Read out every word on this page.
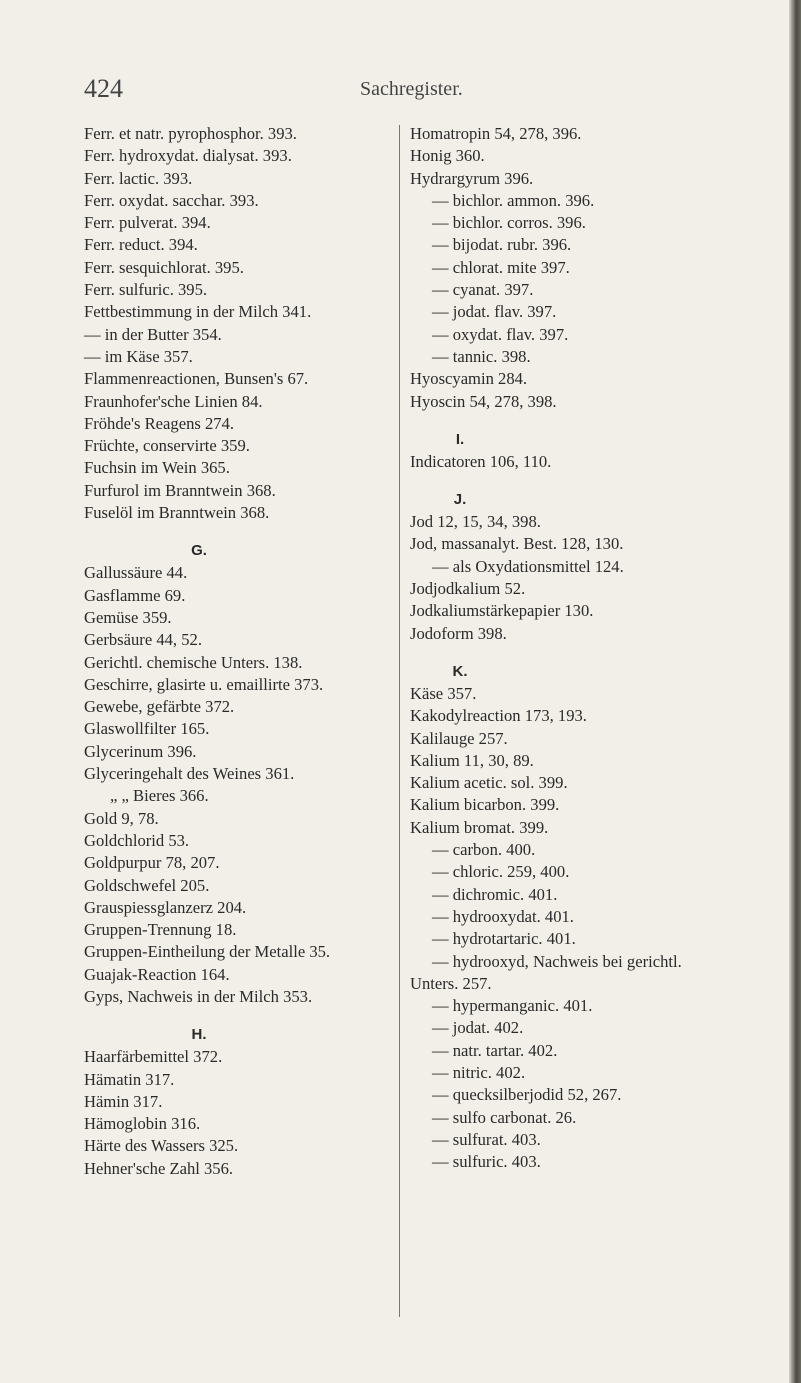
424	Sachregister.
Ferr. et natr. pyrophosphor. 393.
Ferr. hydroxydat. dialysat. 393.
Ferr. lactic. 393.
Ferr. oxydat. sacchar. 393.
Ferr. pulverat. 394.
Ferr. reduct. 394.
Ferr. sesquichlorat. 395.
Ferr. sulfuric. 395.
Fettbestimmung in der Milch 341.
— in der Butter 354.
— im Käse 357.
Flammenreactionen, Bunsen's 67.
Fraunhofer'sche Linien 84.
Fröhde's Reagens 274.
Früchte, conservirte 359.
Fuchsin im Wein 365.
Furfurol im Branntwein 368.
Fuselöl im Branntwein 368.
G.
Gallussäure 44.
Gasflamme 69.
Gemüse 359.
Gerbsäure 44, 52.
Gerichtl. chemische Unters. 138.
Geschirre, glasirte u. emaillirte 373.
Gewebe, gefärbte 372.
Glaswollfilter 165.
Glycerinum 396.
Glyceringehalt des Weines 361.
„ „ Bieres 366.
Gold 9, 78.
Goldchlorid 53.
Goldpurpur 78, 207.
Goldschwefel 205.
Grauspiessglanzerz 204.
Gruppen-Trennung 18.
Gruppen-Eintheilung der Metalle 35.
Guajak-Reaction 164.
Gyps, Nachweis in der Milch 353.
H.
Haarfärbemittel 372.
Hämatin 317.
Hämin 317.
Hämoglobin 316.
Härte des Wassers 325.
Hehner'sche Zahl 356.
Homatropin 54, 278, 396.
Honig 360.
Hydrargyrum 396.
— bichlor. ammon. 396.
— bichlor. corros. 396.
— bijodat. rubr. 396.
— chlorat. mite 397.
— cyanat. 397.
— jodat. flav. 397.
— oxydat. flav. 397.
— tannic. 398.
Hyoscyamin 284.
Hyoscin 54, 278, 398.
I.
Indicatoren 106, 110.
J.
Jod 12, 15, 34, 398.
Jod, massanalyt. Best. 128, 130.
— als Oxydationsmittel 124.
Jodjodkalium 52.
Jodkaliumstärkepapier 130.
Jodoform 398.
K.
Käse 357.
Kakodylreaction 173, 193.
Kalilauge 257.
Kalium 11, 30, 89.
Kalium acetic. sol. 399.
Kalium bicarbon. 399.
Kalium bromat. 399.
— carbon. 400.
— chloric. 259, 400.
— dichromic. 401.
— hydrooxydat. 401.
— hydrotartaric. 401.
— hydrooxyd, Nachweis bei gerichtl.
Unters. 257.
— hypermanganic. 401.
— jodat. 402.
— natr. tartar. 402.
— nitric. 402.
— quecksilberjodid 52, 267.
— sulfo carbonat. 26.
— sulfurat. 403.
— sulfuric. 403.
